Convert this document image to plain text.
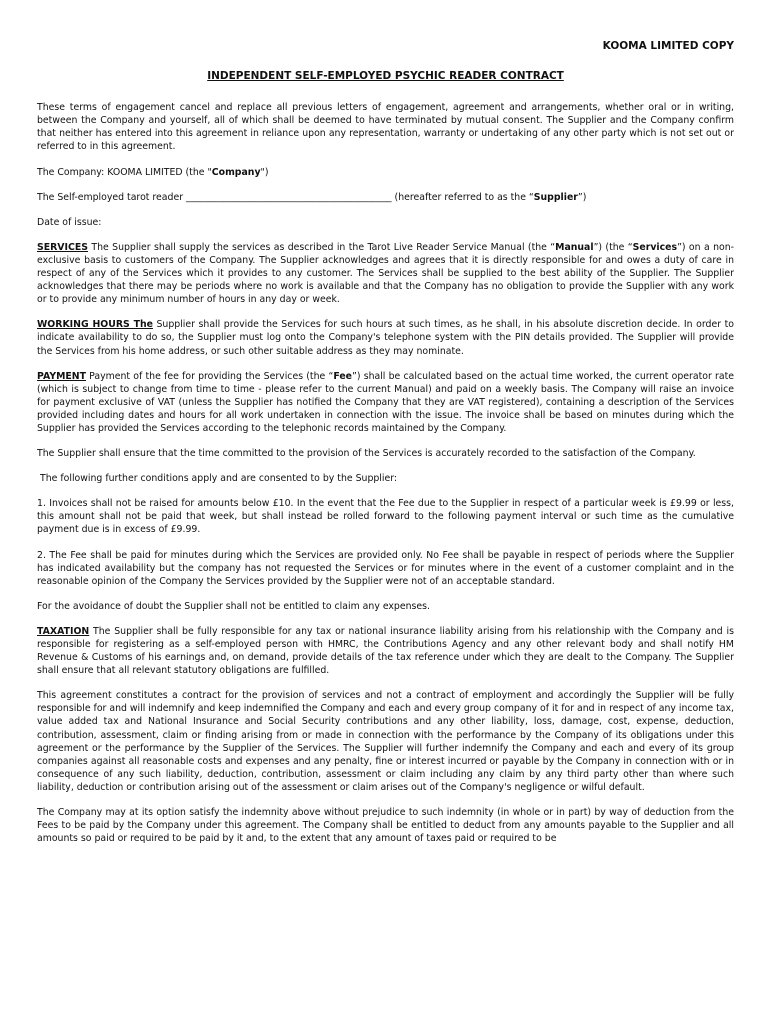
KOOMA LIMITED COPY
INDEPENDENT SELF-EMPLOYED PSYCHIC READER CONTRACT

These terms of engagement cancel and replace all previous letters of engagement, agreement and arrangements, whether oral or in writing, between the Company and yourself, all of which shall be deemed to have terminated by mutual consent. The Supplier and the Company confirm that neither has entered into this agreement in reliance upon any representation, warranty or undertaking of any other party which is not set out or referred to in this agreement.

The Company: KOOMA LIMITED (the "Company")

The Self-employed tarot reader ____________________________________________ (hereafter referred to as the “Supplier”)

Date of issue:

SERVICES The Supplier shall supply the services as described in the Tarot Live Reader Service Manual (the “Manual”) (the “Services”) on a non-exclusive basis to customers of the Company. The Supplier acknowledges and agrees that it is directly responsible for and owes a duty of care in respect of any of the Services which it provides to any customer. The Services shall be supplied to the best ability of the Supplier. The Supplier acknowledges that there may be periods where no work is available and that the Company has no obligation to provide the Supplier with any work or to provide any minimum number of hours in any day or week.

WORKING HOURS The Supplier shall provide the Services for such hours at such times, as he shall, in his absolute discretion decide. In order to indicate availability to do so, the Supplier must log onto the Company's telephone system with the PIN details provided. The Supplier will provide the Services from his home address, or such other suitable address as they may nominate.

PAYMENT Payment of the fee for providing the Services (the “Fee”) shall be calculated based on the actual time worked, the current operator rate (which is subject to change from time to time - please refer to the current Manual) and paid on a weekly basis. The Company will raise an invoice for payment exclusive of VAT (unless the Supplier has notified the Company that they are VAT registered), containing a description of the Services provided including dates and hours for all work undertaken in connection with the issue. The invoice shall be based on minutes during which the Supplier has provided the Services according to the telephonic records maintained by the Company.

The Supplier shall ensure that the time committed to the provision of the Services is accurately recorded to the satisfaction of the Company.

The following further conditions apply and are consented to by the Supplier:

1. Invoices shall not be raised for amounts below £10. In the event that the Fee due to the Supplier in respect of a particular week is £9.99 or less, this amount shall not be paid that week, but shall instead be rolled forward to the following payment interval or such time as the cumulative payment due is in excess of £9.99.

2. The Fee shall be paid for minutes during which the Services are provided only. No Fee shall be payable in respect of periods where the Supplier has indicated availability but the company has not requested the Services or for minutes where in the event of a customer complaint and in the reasonable opinion of the Company the Services provided by the Supplier were not of an acceptable standard.

For the avoidance of doubt the Supplier shall not be entitled to claim any expenses.

TAXATION The Supplier shall be fully responsible for any tax or national insurance liability arising from his relationship with the Company and is responsible for registering as a self-employed person with HMRC, the Contributions Agency and any other relevant body and shall notify HM Revenue & Customs of his earnings and, on demand, provide details of the tax reference under which they are dealt to the Company. The Supplier shall ensure that all relevant statutory obligations are fulfilled.

This agreement constitutes a contract for the provision of services and not a contract of employment and accordingly the Supplier will be fully responsible for and will indemnify and keep indemnified the Company and each and every group company of it for and in respect of any income tax, value added tax and National Insurance and Social Security contributions and any other liability, loss, damage, cost, expense, deduction, contribution, assessment, claim or finding arising from or made in connection with the performance by the Company of its obligations under this agreement or the performance by the Supplier of the Services. The Supplier will further indemnify the Company and each and every of its group companies against all reasonable costs and expenses and any penalty, fine or interest incurred or payable by the Company in connection with or in consequence of any such liability, deduction, contribution, assessment or claim including any claim by any third party other than where such liability, deduction or contribution arising out of the assessment or claim arises out of the Company's negligence or wilful default.

The Company may at its option satisfy the indemnity above without prejudice to such indemnity (in whole or in part) by way of deduction from the Fees to be paid by the Company under this agreement. The Company shall be entitled to deduct from any amounts payable to the Supplier and all amounts so paid or required to be paid by it and, to the extent that any amount of taxes paid or required to be
